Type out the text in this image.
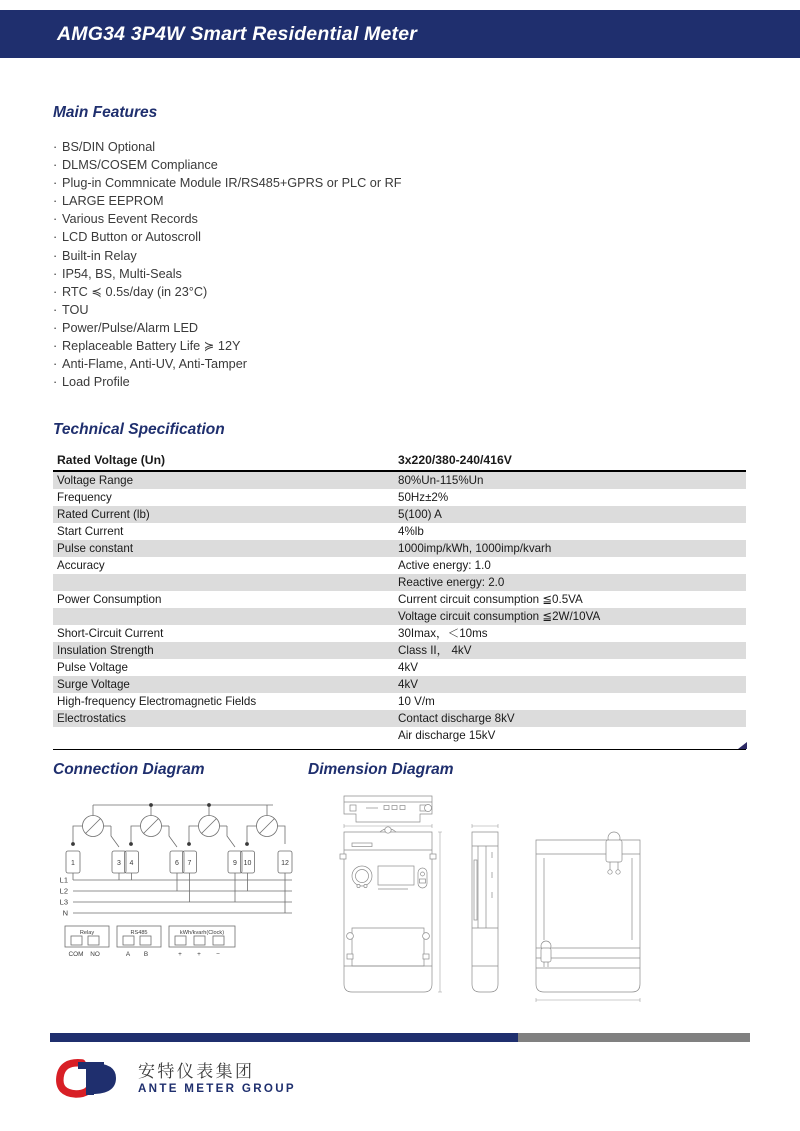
AMG34 3P4W Smart Residential Meter
Main Features
· BS/DIN Optional
· DLMS/COSEM Compliance
· Plug-in Commnicate Module IR/RS485+GPRS or PLC or RF
· LARGE EEPROM
· Various Eevent Records
· LCD Button or Autoscroll
· Built-in Relay
· IP54, BS, Multi-Seals
· RTC ≼ 0.5s/day (in 23°C)
· TOU
· Power/Pulse/Alarm LED
· Replaceable Battery Life ≽ 12Y
· Anti-Flame, Anti-UV, Anti-Tamper
· Load Profile
Technical Specification
Rated Voltage (Un)	3x220/380-240/416V
Voltage Range	80%Un-115%Un
Frequency	50Hz±2%
Rated Current (lb)	5(100) A
Start Current	4%lb
Pulse constant	1000imp/kWh, 1000imp/kvarh
Accuracy	Active energy: 1.0
	Reactive energy: 2.0
Power Consumption	Current circuit consumption ≦0.5VA
	Voltage circuit consumption ≦2W/10VA
Short-Circuit Current	30Imax，＜10ms
Insulation Strength	Class II， 4kV
Pulse Voltage	4kV
Surge Voltage	4kV
High-frequency Electromagnetic Fields	10 V/m
Electrostatics	Contact discharge 8kV
	Air discharge 15kV
Connection Diagram
1	3 4	6 7	9 10	12
L1
L2
L3
N
Relay	RS485	kWh/kvarh(Clock)
COM NO	A B	+ + −
Dimension Diagram
安特仪表集团
ANTE METER GROUP
